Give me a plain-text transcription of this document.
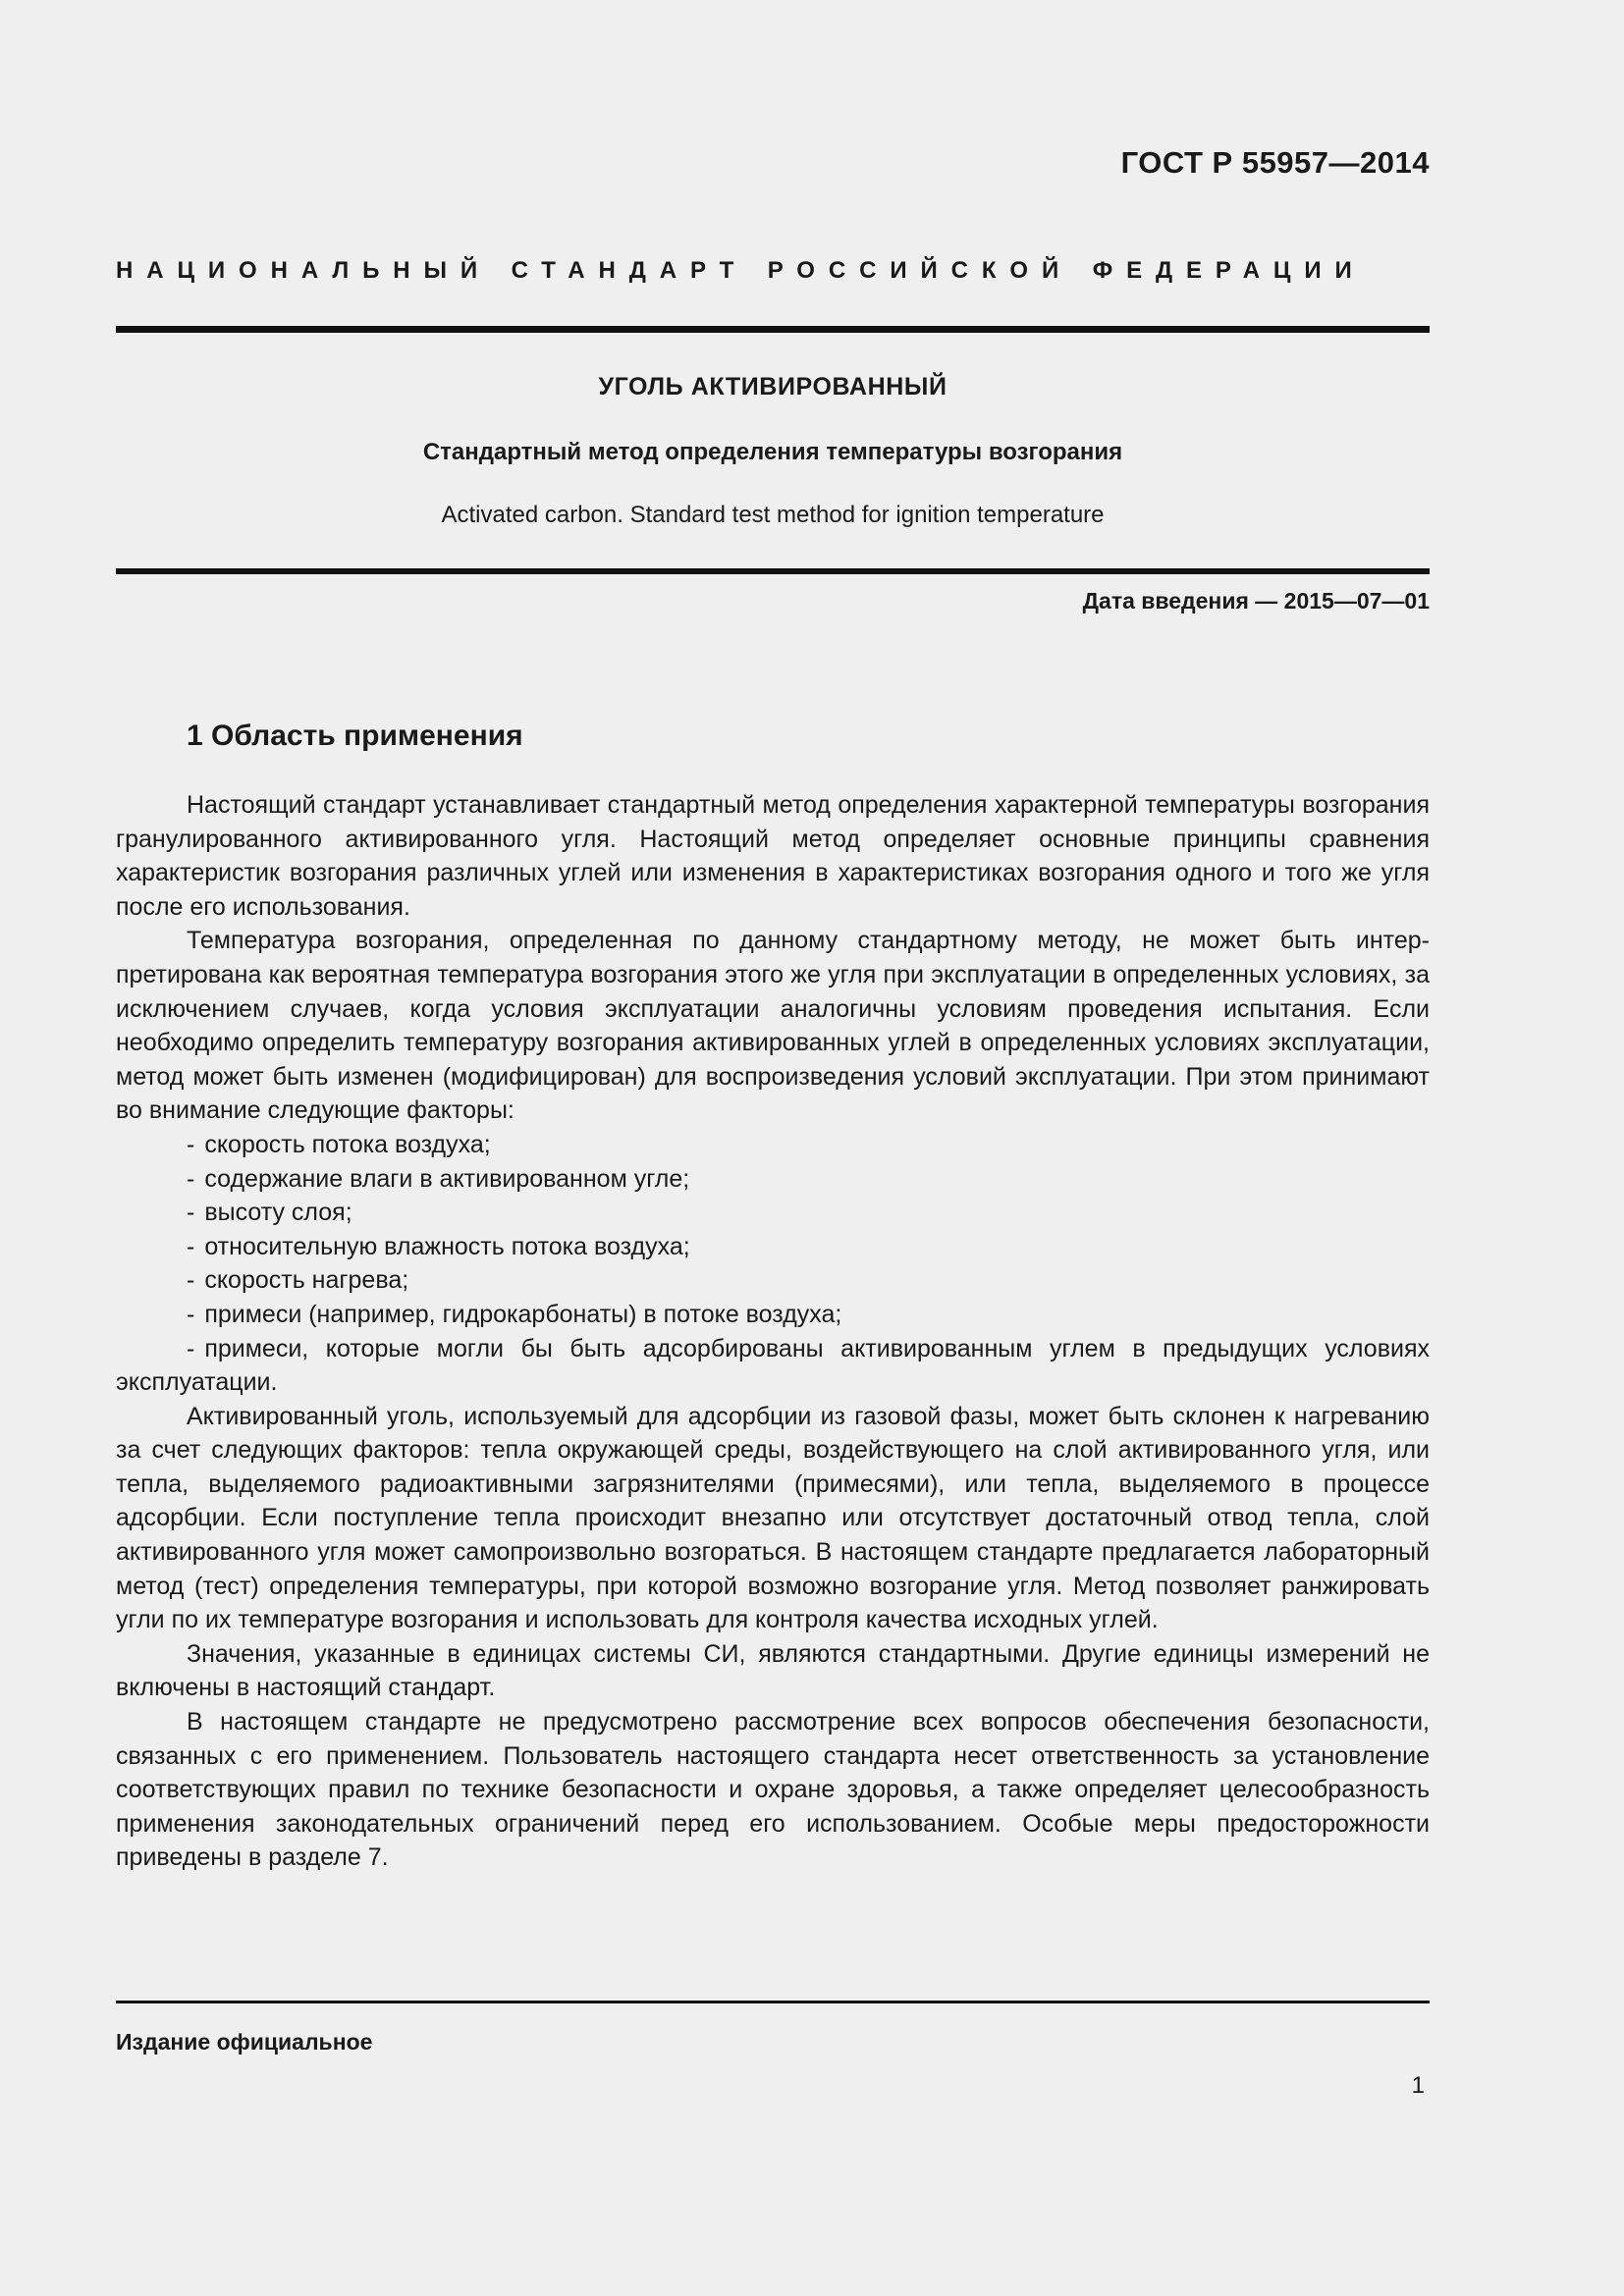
ГОСТ Р 55957—2014
НАЦИОНАЛЬНЫЙ СТАНДАРТ РОССИЙСКОЙ ФЕДЕРАЦИИ
УГОЛЬ АКТИВИРОВАННЫЙ
Стандартный метод определения температуры возгорания
Activated carbon. Standard test method for ignition temperature
Дата введения — 2015—07—01
1 Область применения

Настоящий стандарт устанавливает стандартный метод определения характерной температуры возгорания гранулированного активированного угля. Настоящий метод определяет основные принципы сравнения характеристик возгорания различных углей или изменения в характеристиках возгорания одного и того же угля после его использования.

Температура возгорания, определенная по данному стандартному методу, не может быть интерпретирована как вероятная температура возгорания этого же угля при эксплуатации в определенных условиях, за исключением случаев, когда условия эксплуатации аналогичны условиям проведения испытания. Если необходимо определить температуру возгорания активированных углей в определенных условиях эксплуатации, метод может быть изменен (модифицирован) для воспроизведения условий эксплуатации. При этом принимают во внимание следующие факторы:

- скорость потока воздуха;
- содержание влаги в активированном угле;
- высоту слоя;
- относительную влажность потока воздуха;
- скорость нагрева;
- примеси (например, гидрокарбонаты) в потоке воздуха;
- примеси, которые могли бы быть адсорбированы активированным углем в предыдущих условиях эксплуатации.

Активированный уголь, используемый для адсорбции из газовой фазы, может быть склонен к нагреванию за счет следующих факторов: тепла окружающей среды, воздействующего на слой активированного угля, или тепла, выделяемого радиоактивными загрязнителями (примесями), или тепла, выделяемого в процессе адсорбции. Если поступление тепла происходит внезапно или отсутствует достаточный отвод тепла, слой активированного угля может самопроизвольно возгораться. В настоящем стандарте предлагается лабораторный метод (тест) определения температуры, при которой возможно возгорание угля. Метод позволяет ранжировать угли по их температуре возгорания и использовать для контроля качества исходных углей.

Значения, указанные в единицах системы СИ, являются стандартными. Другие единицы измерений не включены в настоящий стандарт.

В настоящем стандарте не предусмотрено рассмотрение всех вопросов обеспечения безопасности, связанных с его применением. Пользователь настоящего стандарта несет ответственность за установление соответствующих правил по технике безопасности и охране здоровья, а также определяет целесообразность применения законодательных ограничений перед его использованием. Особые меры предосторожности приведены в разделе 7.

Издание официальное
1
